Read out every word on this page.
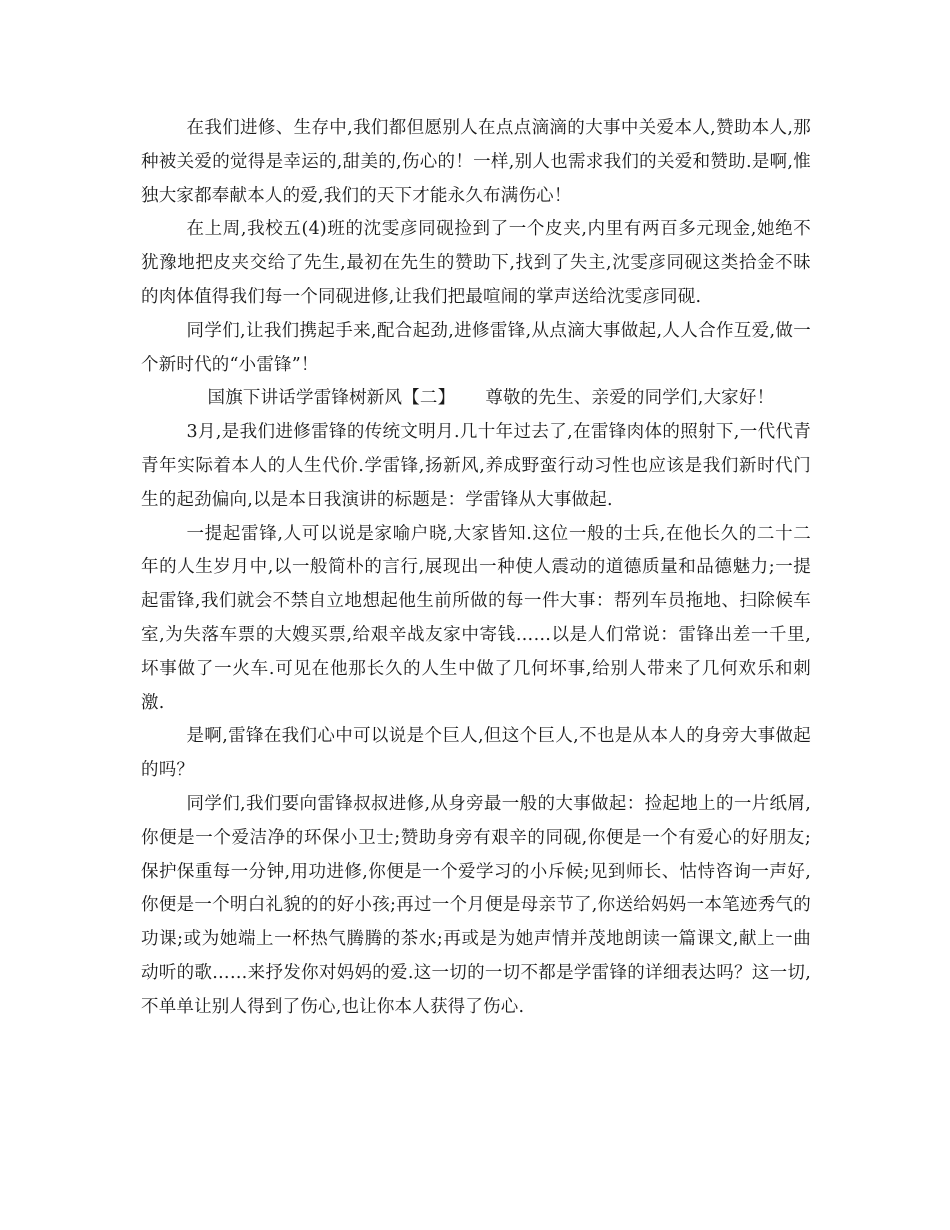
在我们进修、生存中,我们都但愿别人在点点滴滴的大事中关爱本人,赞助本人,那种被关爱的觉得是幸运的,甜美的,伤心的！一样,别人也需求我们的关爱和赞助.是啊,惟独大家都奉献本人的爱,我们的天下才能永久布满伤心！

在上周,我校五(4)班的沈雯彦同砚捡到了一个皮夹,内里有两百多元现金,她绝不犹豫地把皮夹交给了先生,最初在先生的赞助下,找到了失主,沈雯彦同砚这类拾金不昧的肉体值得我们每一个同砚进修,让我们把最喧闹的掌声送给沈雯彦同砚.

同学们,让我们携起手来,配合起劲,进修雷锋,从点滴大事做起,人人合作互爱,做一个新时代的“小雷锋”！

国旗下讲话学雷锋树新风【二】 尊敬的先生、亲爱的同学们,大家好！

3月,是我们进修雷锋的传统文明月.几十年过去了,在雷锋肉体的照射下,一代代青青年实际着本人的人生代价.学雷锋,扬新风,养成野蛮行动习性也应该是我们新时代门生的起劲偏向,以是本日我演讲的标题是：学雷锋从大事做起.

一提起雷锋,人可以说是家喻户晓,大家皆知.这位一般的士兵,在他长久的二十二年的人生岁月中,以一般简朴的言行,展现出一种使人震动的道德质量和品德魅力;一提起雷锋,我们就会不禁自立地想起他生前所做的每一件大事：帮列车员拖地、扫除候车室,为失落车票的大嫂买票,给艰辛战友家中寄钱……以是人们常说：雷锋出差一千里,坏事做了一火车.可见在他那长久的人生中做了几何坏事,给别人带来了几何欢乐和刺激.

是啊,雷锋在我们心中可以说是个巨人,但这个巨人,不也是从本人的身旁大事做起的吗？

同学们,我们要向雷锋叔叔进修,从身旁最一般的大事做起：捡起地上的一片纸屑,你便是一个爱洁净的环保小卫士;赞助身旁有艰辛的同砚,你便是一个有爱心的好朋友;保护保重每一分钟,用功进修,你便是一个爱学习的小斥候;见到师长、怙恃咨询一声好,你便是一个明白礼貌的的好小孩;再过一个月便是母亲节了,你送给妈妈一本笔迹秀气的功课;或为她端上一杯热气腾腾的茶水;再或是为她声情并茂地朗读一篇课文,献上一曲动听的歌……来抒发你对妈妈的爱.这一切的一切不都是学雷锋的详细表达吗？这一切,不单单让别人得到了伤心,也让你本人获得了伤心.
